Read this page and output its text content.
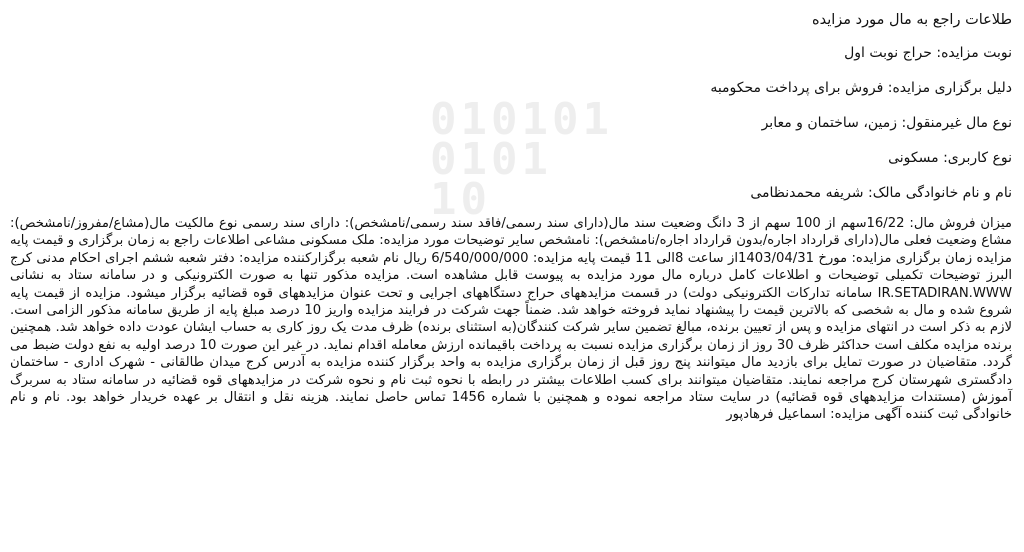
010101
0101
10
طلاعات راجع به مال مورد مزایده
نوبت مزایده: حراج نوبت اول
دلیل برگزاری مزایده: فروش برای پرداخت محکومبه
نوع مال غیرمنقول: زمین، ساختمان و معابر
نوع کاربری: مسکونی
نام و نام خانوادگی مالک: شریفه محمدنظامی
میزان فروش مال: 16/22سهم از 100 سهم از 3 دانگ وضعیت سند مال(دارای سند رسمی/فاقد سند رسمی/نامشخص): دارای سند رسمی نوع مالکیت مال(مشاع/مفروز/نامشخص): مشاع وضعیت فعلی مال(دارای قرارداد اجاره/بدون قرارداد اجاره/نامشخص): نامشخص سایر توضیحات مورد مزایده: ملک مسکونی مشاعی اطلاعات راجع به زمان برگزاری و قیمت پایه مزایده زمان برگزاری مزایده: مورخ 1403/04/31از ساعت 8الی 11 قیمت پایه مزایده: 6/540/000/000 ریال نام شعبه برگزارکننده مزایده: دفتر شعبه ششم اجرای احکام مدنی کرج البرز توضیحات تکمیلی توضیحات و اطلاعات کامل درباره مال مورد مزایده به پیوست قابل مشاهده است. مزایده مذکور تنها به صورت الکترونیکی و در سامانه ستاد به نشانی IR.SETADIRAN.WWW سامانه تدارکات الکترونیکی دولت) در قسمت مزایدههای حراج دستگاههای اجرایی و تحت عنوان مزایدههای قوه قضائیه برگزار میشود. مزایده از قیمت پایه شروع شده و مال به شخصی که بالاترین قیمت را پیشنهاد نماید فروخته خواهد شد. ضمناً جهت شرکت در فرایند مزایده واریز 10 درصد مبلغ پایه از طریق سامانه مذکور الزامی است. لازم به ذکر است در انتهای مزایده و پس از تعیین برنده، مبالغ تضمین سایر شرکت کنندگان(به استثنای برنده) ظرف مدت یک روز کاری به حساب ایشان عودت داده خواهد شد. همچنین برنده مزایده مکلف است حداکثر ظرف 30 روز از زمان برگزاری مزایده نسبت به پرداخت باقیمانده ارزش معامله اقدام نماید. در غیر این صورت 10 درصد اولیه به نفع دولت ضبط می گردد. متقاضیان در صورت تمایل برای بازدید مال میتوانند پنج روز قبل از زمان برگزاری مزایده به واحد برگزار کننده مزایده به آدرس کرج میدان طالقانی - شهرک اداری - ساختمان دادگستری شهرستان کرج مراجعه نمایند. متقاضیان میتوانند برای کسب اطلاعات بیشتر در رابطه با نحوه ثبت نام و نحوه شرکت در مزایدههای قوه قضائیه در سامانه ستاد به سربرگ آموزش (مستندات مزایدههای قوه قضائیه) در سایت ستاد مراجعه نموده و همچنین با شماره 1456 تماس حاصل نمایند. هزینه نقل و انتقال بر عهده خریدار خواهد بود. نام و نام خانوادگی ثبت کننده آگهی مزایده: اسماعیل فرهادپور
